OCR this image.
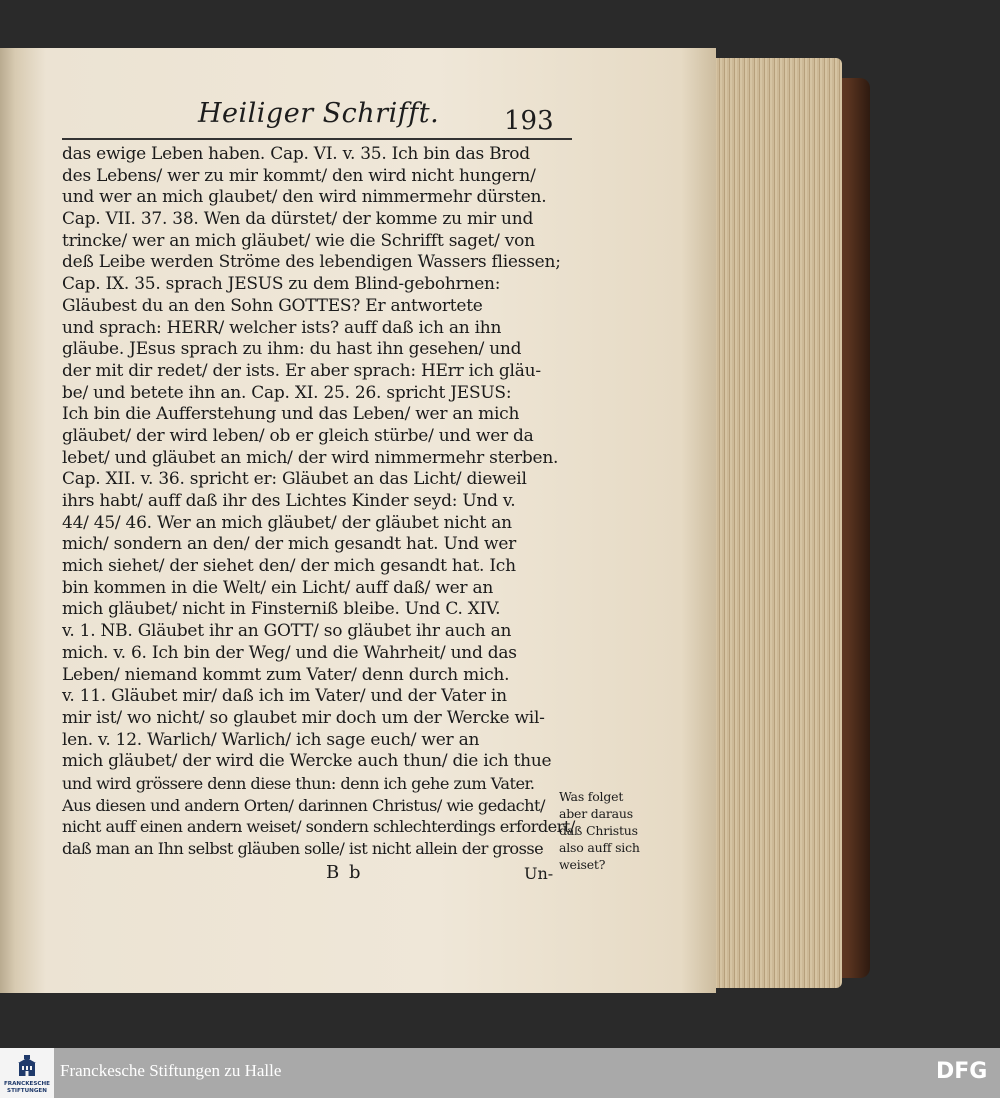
Heiliger Schrifft. 193
das ewige Leben haben. Cap. VI. v. 35. Ich bin das Brod
des Lebens/ wer zu mir kommt/ den wird nicht hungern/
und wer an mich glaubet/ den wird nimmermehr dürsten.
Cap. VII. 37. 38. Wen da dürstet/ der komme zu mir und
trincke/ wer an mich gläubet/ wie die Schrifft saget/ von
deß Leibe werden Ströme des lebendigen Wassers fliessen;
Cap. IX. 35. sprach JESUS zu dem Blind-gebohrnen:
Gläubest du an den Sohn GOTTES? Er antwortete
und sprach: HERR/ welcher ists? auff daß ich an ihn
gläube. JEsus sprach zu ihm: du hast ihn gesehen/ und
der mit dir redet/ der ists. Er aber sprach: HErr ich gläu-
be/ und betete ihn an. Cap. XI. 25. 26. spricht JESUS:
Ich bin die Aufferstehung und das Leben/ wer an mich
gläubet/ der wird leben/ ob er gleich stürbe/ und wer da
lebet/ und gläubet an mich/ der wird nimmermehr sterben.
Cap. XII. v. 36. spricht er: Gläubet an das Licht/ dieweil
ihrs habt/ auff daß ihr des Lichtes Kinder seyd: Und v.
44/ 45/ 46. Wer an mich gläubet/ der gläubet nicht an
mich/ sondern an den/ der mich gesandt hat. Und wer
mich siehet/ der siehet den/ der mich gesandt hat. Ich
bin kommen in die Welt/ ein Licht/ auff daß/ wer an
mich gläubet/ nicht in Finsterniß bleibe. Und C. XIV.
v. 1. NB. Gläubet ihr an GOTT/ so gläubet ihr auch an
mich. v. 6. Ich bin der Weg/ und die Wahrheit/ und das
Leben/ niemand kommt zum Vater/ denn durch mich.
v. 11. Gläubet mir/ daß ich im Vater/ und der Vater in
mir ist/ wo nicht/ so glaubet mir doch um der Wercke wil-
len. v. 12. Warlich/ Warlich/ ich sage euch/ wer an
mich gläubet/ der wird die Wercke auch thun/ die ich thue
und wird grössere denn diese thun: denn ich gehe zum Vater.
Aus diesen und andern Orten/ darinnen Christus/ wie gedacht/
nicht auff einen andern weiset/ sondern schlechterdings erfordert/
daß man an Ihn selbst gläuben solle/ ist nicht allein der grosse
Was folget
aber daraus
daß Christus
also auff sich
weiset?
B b	Un-
FRANCKESCHE
STIFTUNGEN
Franckesche Stiftungen zu Halle	DFG
